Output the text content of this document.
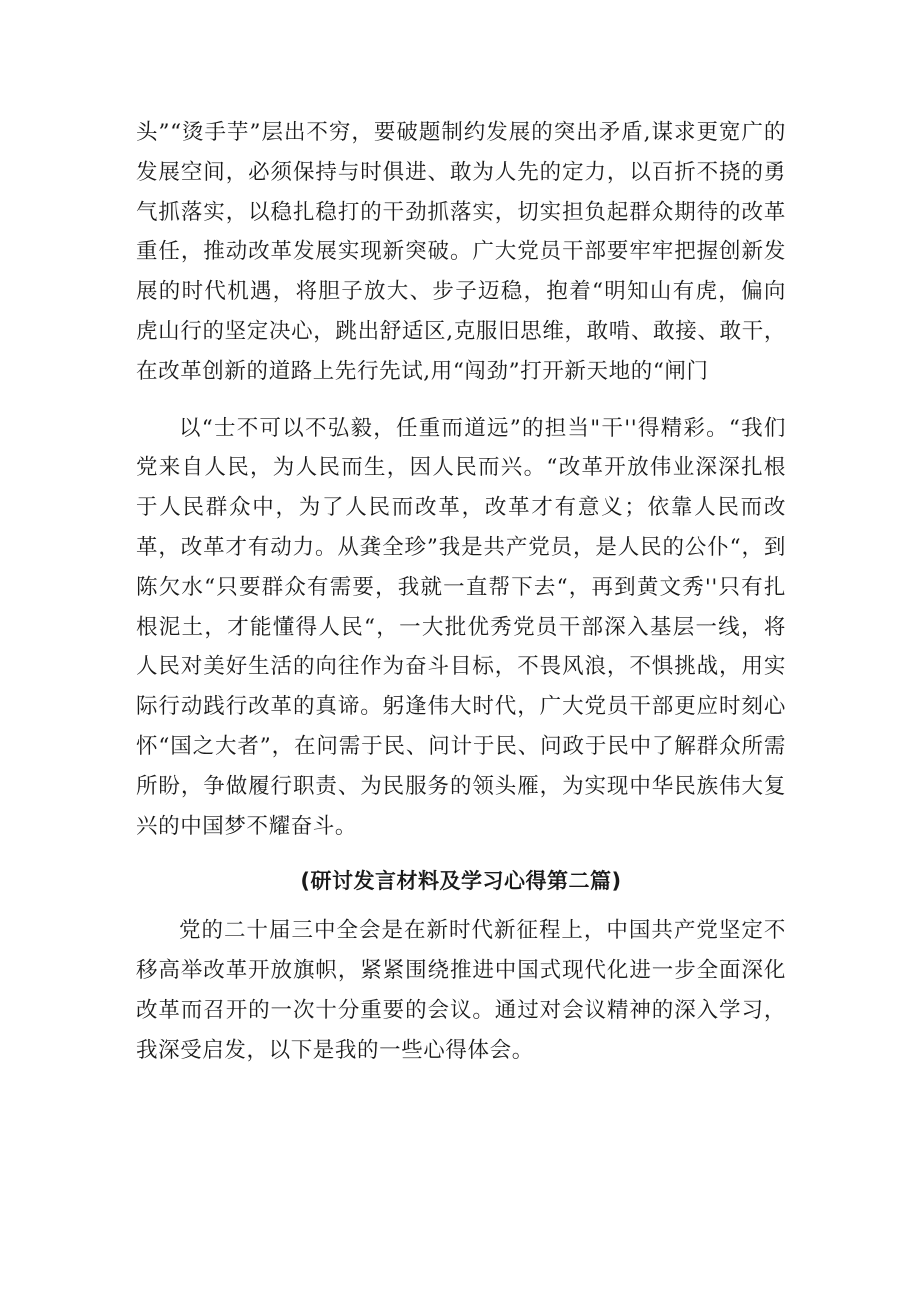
头”“烫手芋”层出不穷，要破题制约发展的突出矛盾,谋求更宽广的发展空间，必须保持与时俱进、敢为人先的定力，以百折不挠的勇气抓落实，以稳扎稳打的干劲抓落实，切实担负起群众期待的改革重任，推动改革发展实现新突破。广大党员干部要牢牢把握创新发展的时代机遇，将胆子放大、步子迈稳，抱着“明知山有虎，偏向虎山行的坚定决心，跳出舒适区,克服旧思维，敢啃、敢接、敢干，在改革创新的道路上先行先试,用“闯劲”打开新天地的“闸门

以“士不可以不弘毅，任重而道远”的担当"干''得精彩。“我们党来自人民，为人民而生，因人民而兴。“改革开放伟业深深扎根于人民群众中，为了人民而改革，改革才有意义；依靠人民而改革，改革才有动力。从龚全珍”我是共产党员，是人民的公仆“，到陈欠水“只要群众有需要，我就一直帮下去“，再到黄文秀''只有扎根泥土，才能懂得人民“，一大批优秀党员干部深入基层一线，将人民对美好生活的向往作为奋斗目标，不畏风浪，不惧挑战，用实际行动践行改革的真谛。躬逢伟大时代，广大党员干部更应时刻心怀“国之大者”，在问需于民、问计于民、问政于民中了解群众所需所盼，争做履行职责、为民服务的领头雁，为实现中华民族伟大复兴的中国梦不耀奋斗。

(研讨发言材料及学习心得第二篇)

党的二十届三中全会是在新时代新征程上，中国共产党坚定不移高举改革开放旗帜，紧紧围绕推进中国式现代化进一步全面深化改革而召开的一次十分重要的会议。通过对会议精神的深入学习，我深受启发，以下是我的一些心得体会。
